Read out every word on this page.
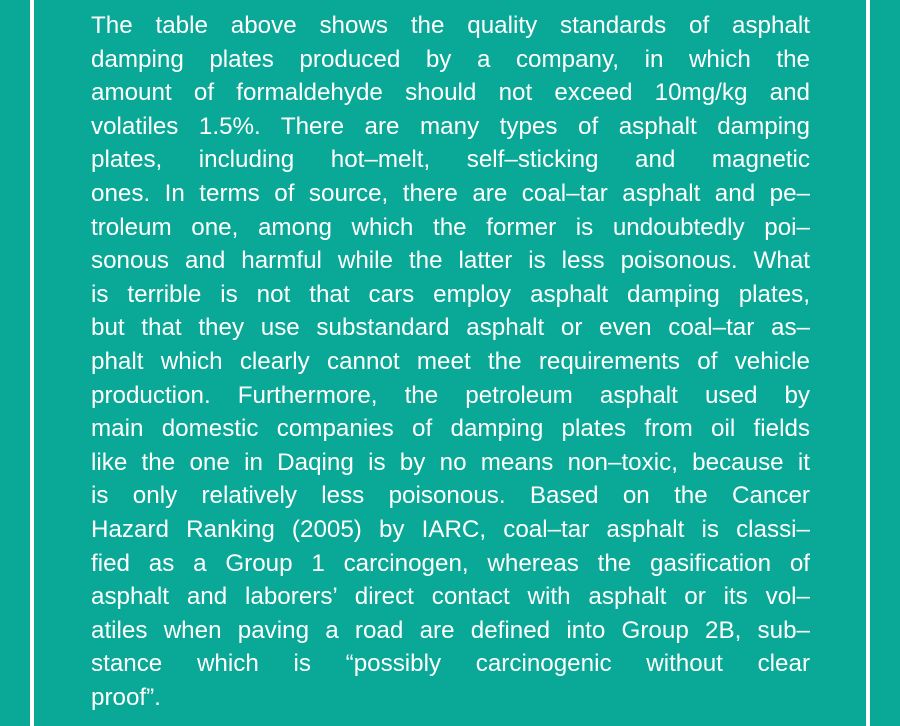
The table above shows the quality standards of asphalt
damping plates produced by a company, in which the
amount of formaldehyde should not exceed 10mg/kg and
volatiles 1.5%. There are many types of asphalt damping
plates, including hot–melt, self–sticking and magnetic
ones. In terms of source, there are coal–tar asphalt and pe–
troleum one, among which the former is undoubtedly poi–
sonous and harmful while the latter is less poisonous. What
is terrible is not that cars employ asphalt damping plates,
but that they use substandard asphalt or even coal–tar as–
phalt which clearly cannot meet the requirements of vehicle
production. Furthermore, the petroleum asphalt used by
main domestic companies of damping plates from oil fields
like the one in Daqing is by no means non–toxic, because it
is only relatively less poisonous. Based on the Cancer
Hazard Ranking (2005) by IARC, coal–tar asphalt is classi–
fied as a Group 1 carcinogen, whereas the gasification of
asphalt and laborers’ direct contact with asphalt or its vol–
atiles when paving a road are defined into Group 2B, sub–
stance which is “possibly carcinogenic without clear
proof”.
